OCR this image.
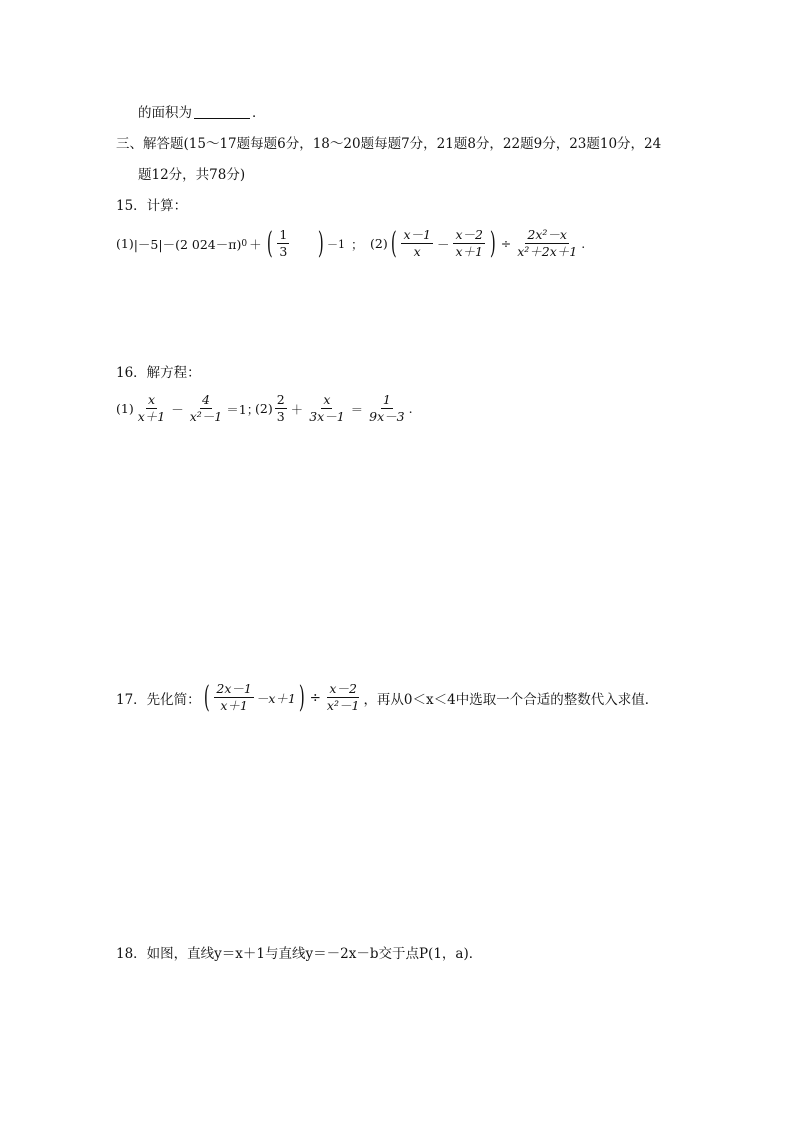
的面积为	．
三、解答题(15～17题每题6分，18～20题每题7分，21题8分，22题9分，23题10分，24
题12分，共78分)
15．计算：
(1) |－5|－(2 024－π) 0 ＋ ( $\frac{1}{3}$ ) －1 ； (2) ( $\frac{x-1}{x} - \frac{x-2}{x+1}$ ) ÷ $\frac{\text{2x²－x}}{\text{x²＋2x＋1}}$ .
16．解方程：
$(1) \frac{x}{x+1} - \frac{4}{\text{x²－1}} =1$；
$(2) \frac{2}{3} + \frac{x}{3x-1} = \frac{1}{9x-3}$ .
17．先化简： ( $\frac{2x-1}{x+1} -x+1$ ) ÷ $\frac{x-2}{\text{x²－1}}$ ，再从0＜x＜4中选取一个合适的整数代入求值．
18．如图，直线y＝x＋1与直线y＝－2x－b交于点P(1，a)．
